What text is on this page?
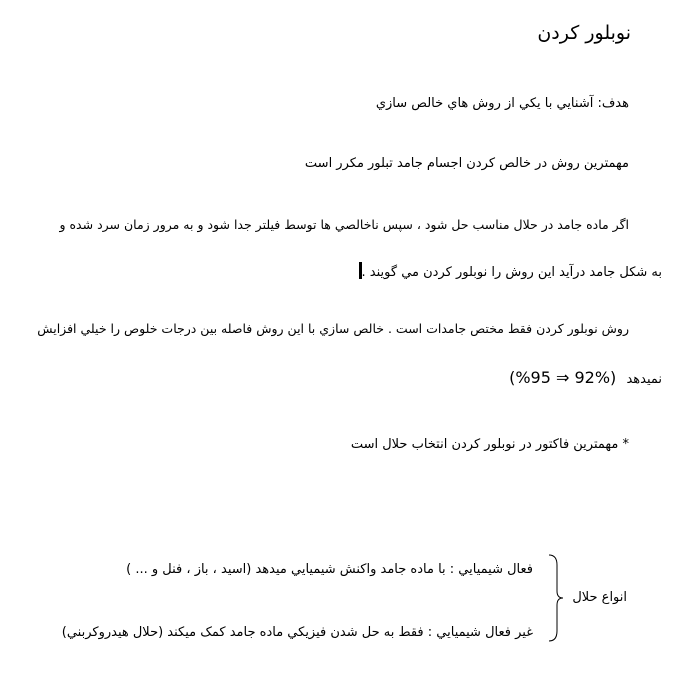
نوبلور کردن
هدف: آشنايي با يکي از روش هاي خالص سازي
مهمترين روش در خالص کردن اجسام جامد تبلور مکرر است
اگر ماده جامد در حلال مناسب حل شود ، سپس ناخالصي ها توسط فيلتر جدا شود و به مرور زمان سرد شده و
به شکل جامد درآيد اين روش را نوبلور کردن مي گويند .
روش نوبلور کردن فقط مختص جامدات است . خالص سازي با اين روش فاصله بين درجات خلوص را خيلي افزايش
نميدهد (%95 ⇒ 92%)
* مهمترين فاکتور در نوبلور کردن انتخاب حلال است
فعال شيميايي : با ماده جامد واکنش شيميايي ميدهد (اسيد ، باز ، فنل و ... )
غير فعال شيميايي : فقط به حل شدن فيزيکي ماده جامد کمک ميکند (حلال هيدروکربني)
انواع حلال
